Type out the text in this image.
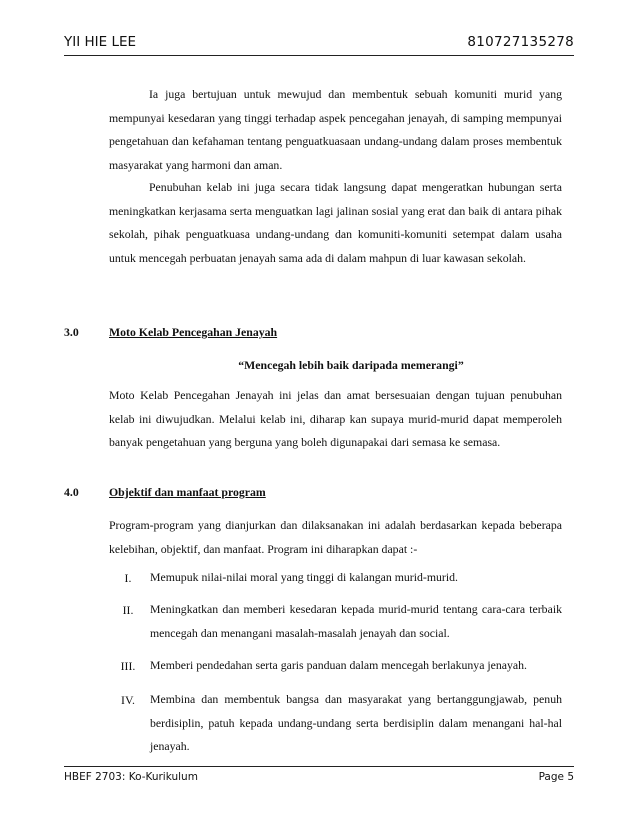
YII HIE LEE	810727135278
Ia juga bertujuan untuk mewujud dan membentuk sebuah komuniti murid yang mempunyai kesedaran yang tinggi terhadap aspek pencegahan jenayah, di samping mempunyai pengetahuan dan kefahaman tentang penguatkuasaan undang-undang dalam proses membentuk masyarakat yang harmoni dan aman.
Penubuhan kelab ini juga secara tidak langsung dapat mengeratkan hubungan serta meningkatkan kerjasama serta menguatkan lagi jalinan sosial yang erat dan baik di antara pihak sekolah, pihak penguatkuasa undang-undang dan komuniti-komuniti setempat dalam usaha untuk mencegah perbuatan jenayah sama ada di dalam mahpun di luar kawasan sekolah.
3.0	Moto Kelab Pencegahan Jenayah
“Mencegah lebih baik daripada memerangi”
Moto Kelab Pencegahan Jenayah ini jelas dan amat bersesuaian dengan tujuan penubuhan kelab ini diwujudkan. Melalui kelab ini, diharap kan supaya murid-murid dapat memperoleh banyak pengetahuan yang berguna yang boleh digunapakai dari semasa ke semasa.
4.0	Objektif dan manfaat program
Program-program yang dianjurkan dan dilaksanakan ini adalah berdasarkan kepada beberapa kelebihan, objektif, dan manfaat. Program ini diharapkan dapat :-
I.	Memupuk nilai-nilai moral yang tinggi di kalangan murid-murid.
II.	Meningkatkan dan memberi kesedaran kepada murid-murid tentang cara-cara terbaik mencegah dan menangani masalah-masalah jenayah dan social.
III.	Memberi pendedahan serta garis panduan dalam mencegah berlakunya jenayah.
IV.	Membina dan membentuk bangsa dan masyarakat yang bertanggungjawab, penuh berdisiplin, patuh kepada undang-undang serta berdisiplin dalam menangani hal-hal jenayah.
HBEF 2703: Ko-Kurikulum	Page 5
